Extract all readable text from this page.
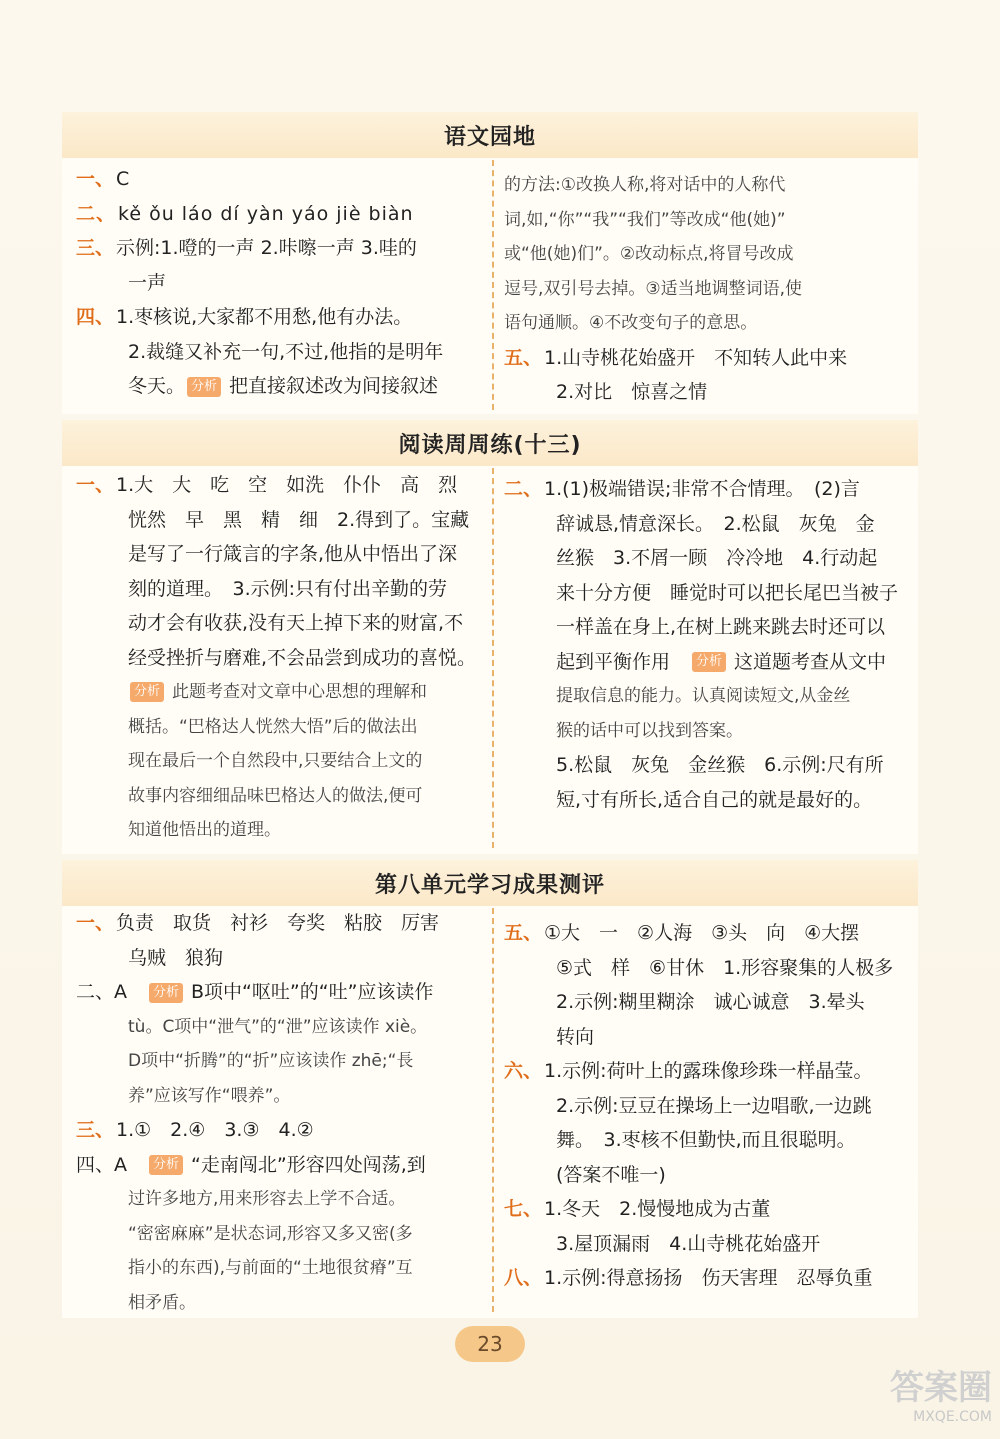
语文园地
一、 C
二、 kě ǒu láo dí yàn yáo jiè biàn
三、 示例:1.噔的一声 2.咔嚓一声 3.哇的
一声
四、 1.枣核说,大家都不用愁,他有办法。
2.裁缝又补充一句,不过,他指的是明年
冬天。 分析 把直接叙述改为间接叙述
的方法:①改换人称,将对话中的人称代
词,如,“你”“我”“我们”等改成“他(她)”
或“他(她)们”。②改动标点,将冒号改成
逗号,双引号去掉。③适当地调整词语,使
语句通顺。④不改变句子的意思。
五、 1.山寺桃花始盛开　不知转人此中来
2.对比　惊喜之情
阅读周周练(十三)
一、 1.大　大　吃　空　如洗　仆仆　高　烈
恍然　早　黑　精　细　2.得到了。宝藏
是写了一行箴言的字条,他从中悟出了深
刻的道理。　3.示例:只有付出辛勤的劳
动才会有收获,没有天上掉下来的财富,不
经受挫折与磨难,不会品尝到成功的喜悦。
分析 此题考查对文章中心思想的理解和
概括。“巴格达人恍然大悟”后的做法出
现在最后一个自然段中,只要结合上文的
故事内容细细品味巴格达人的做法,便可
知道他悟出的道理。
二、 1.(1)极端错误;非常不合情理。　(2)言
辞诚恳,情意深长。　2.松鼠　灰兔　金
丝猴　3.不屑一顾　冷冷地　4.行动起
来十分方便　睡觉时可以把长尾巴当被子
一样盖在身上,在树上跳来跳去时还可以
起到平衡作用 分析 这道题考查从文中
提取信息的能力。认真阅读短文,从金丝
猴的话中可以找到答案。
5.松鼠　灰兔　金丝猴　6.示例:尺有所
短,寸有所长,适合自己的就是最好的。
第八单元学习成果测评
一、 负责　取货　衬衫　夸奖　粘胶　厉害
乌贼　狼狗
二、A 分析 B项中“呕吐”的“吐”应该读作
tù。C项中“泄气”的“泄”应该读作 xiè。
D项中“折腾”的“折”应该读作 zhē;“長
养”应该写作“喂养”。
三、 1.①　2.④　3.③　4.②
四、A 分析 “走南闯北”形容四处闯荡,到
过许多地方,用来形容去上学不合适。
“密密麻麻”是状态词,形容又多又密(多
指小的东西),与前面的“土地很贫瘠”互
相矛盾。
五、 ①大　一　②人海　③头　向　④大摆
⑤式　样　⑥甘休　1.形容聚集的人极多
2.示例:糊里糊涂　诚心诚意　3.晕头
转向
六、 1.示例:荷叶上的露珠像珍珠一样晶莹。
2.示例:豆豆在操场上一边唱歌,一边跳
舞。　3.枣核不但勤快,而且很聪明。
(答案不唯一)
七、 1.冬天　2.慢慢地成为古董
3.屋顶漏雨　4.山寺桃花始盛开
八、 1.示例:得意扬扬　伤天害理　忍辱负重
23
答案圈
MXQE.COM
